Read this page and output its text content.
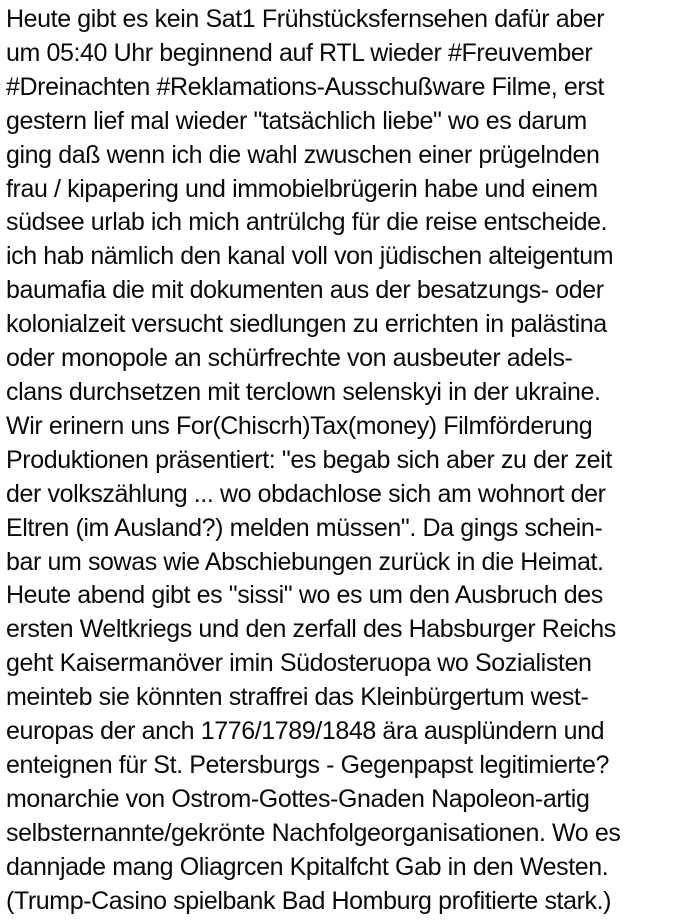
Heute gibt es kein Sat1 Frühstücksfernsehen dafür aber
um 05:40 Uhr beginnend auf RTL wieder #Freuvember
#Dreinachten #Reklamations-Ausschußware Filme, erst
gestern lief mal wieder "tatsächlich liebe" wo es darum
ging daß wenn ich die wahl zwuschen einer prügelnden
frau / kipapering und immobielbrügerin habe und einem
südsee urlab ich mich antrülchg für die reise entscheide.
ich hab nämlich den kanal voll von jüdischen alteigentum
baumafia die mit dokumenten aus der besatzungs- oder
kolonialzeit versucht siedlungen zu errichten in palästina
oder monopole an schürfrechte von ausbeuter adels-
clans durchsetzen mit terclown selenskyi in der ukraine.
Wir erinern uns For(Chiscrh)Tax(money) Filmförderung
Produktionen präsentiert: "es begab sich aber zu der zeit
der volkszählung ... wo obdachlose sich am wohnort der
Eltren (im Ausland?) melden müssen". Da gings schein-
bar um sowas wie Abschiebungen zurück in die Heimat.
Heute abend gibt es "sissi" wo es um den Ausbruch des
ersten Weltkriegs und den zerfall des Habsburger Reichs
geht Kaisermanöver imin Südosteruopa wo Sozialisten
meinteb sie könnten straffrei das Kleinbürgertum west-
europas der anch 1776/1789/1848 ära ausplündern und
enteignen für St. Petersburgs - Gegenpapst legitimierte?
monarchie von Ostrom-Gottes-Gnaden Napoleon-artig
selbsternannte/gekrönte Nachfolgeorganisationen. Wo es
dannjade mang Oliagrcen Kpitalfcht Gab in den Westen.
(Trump-Casino spielbank Bad Homburg profitierte stark.)
